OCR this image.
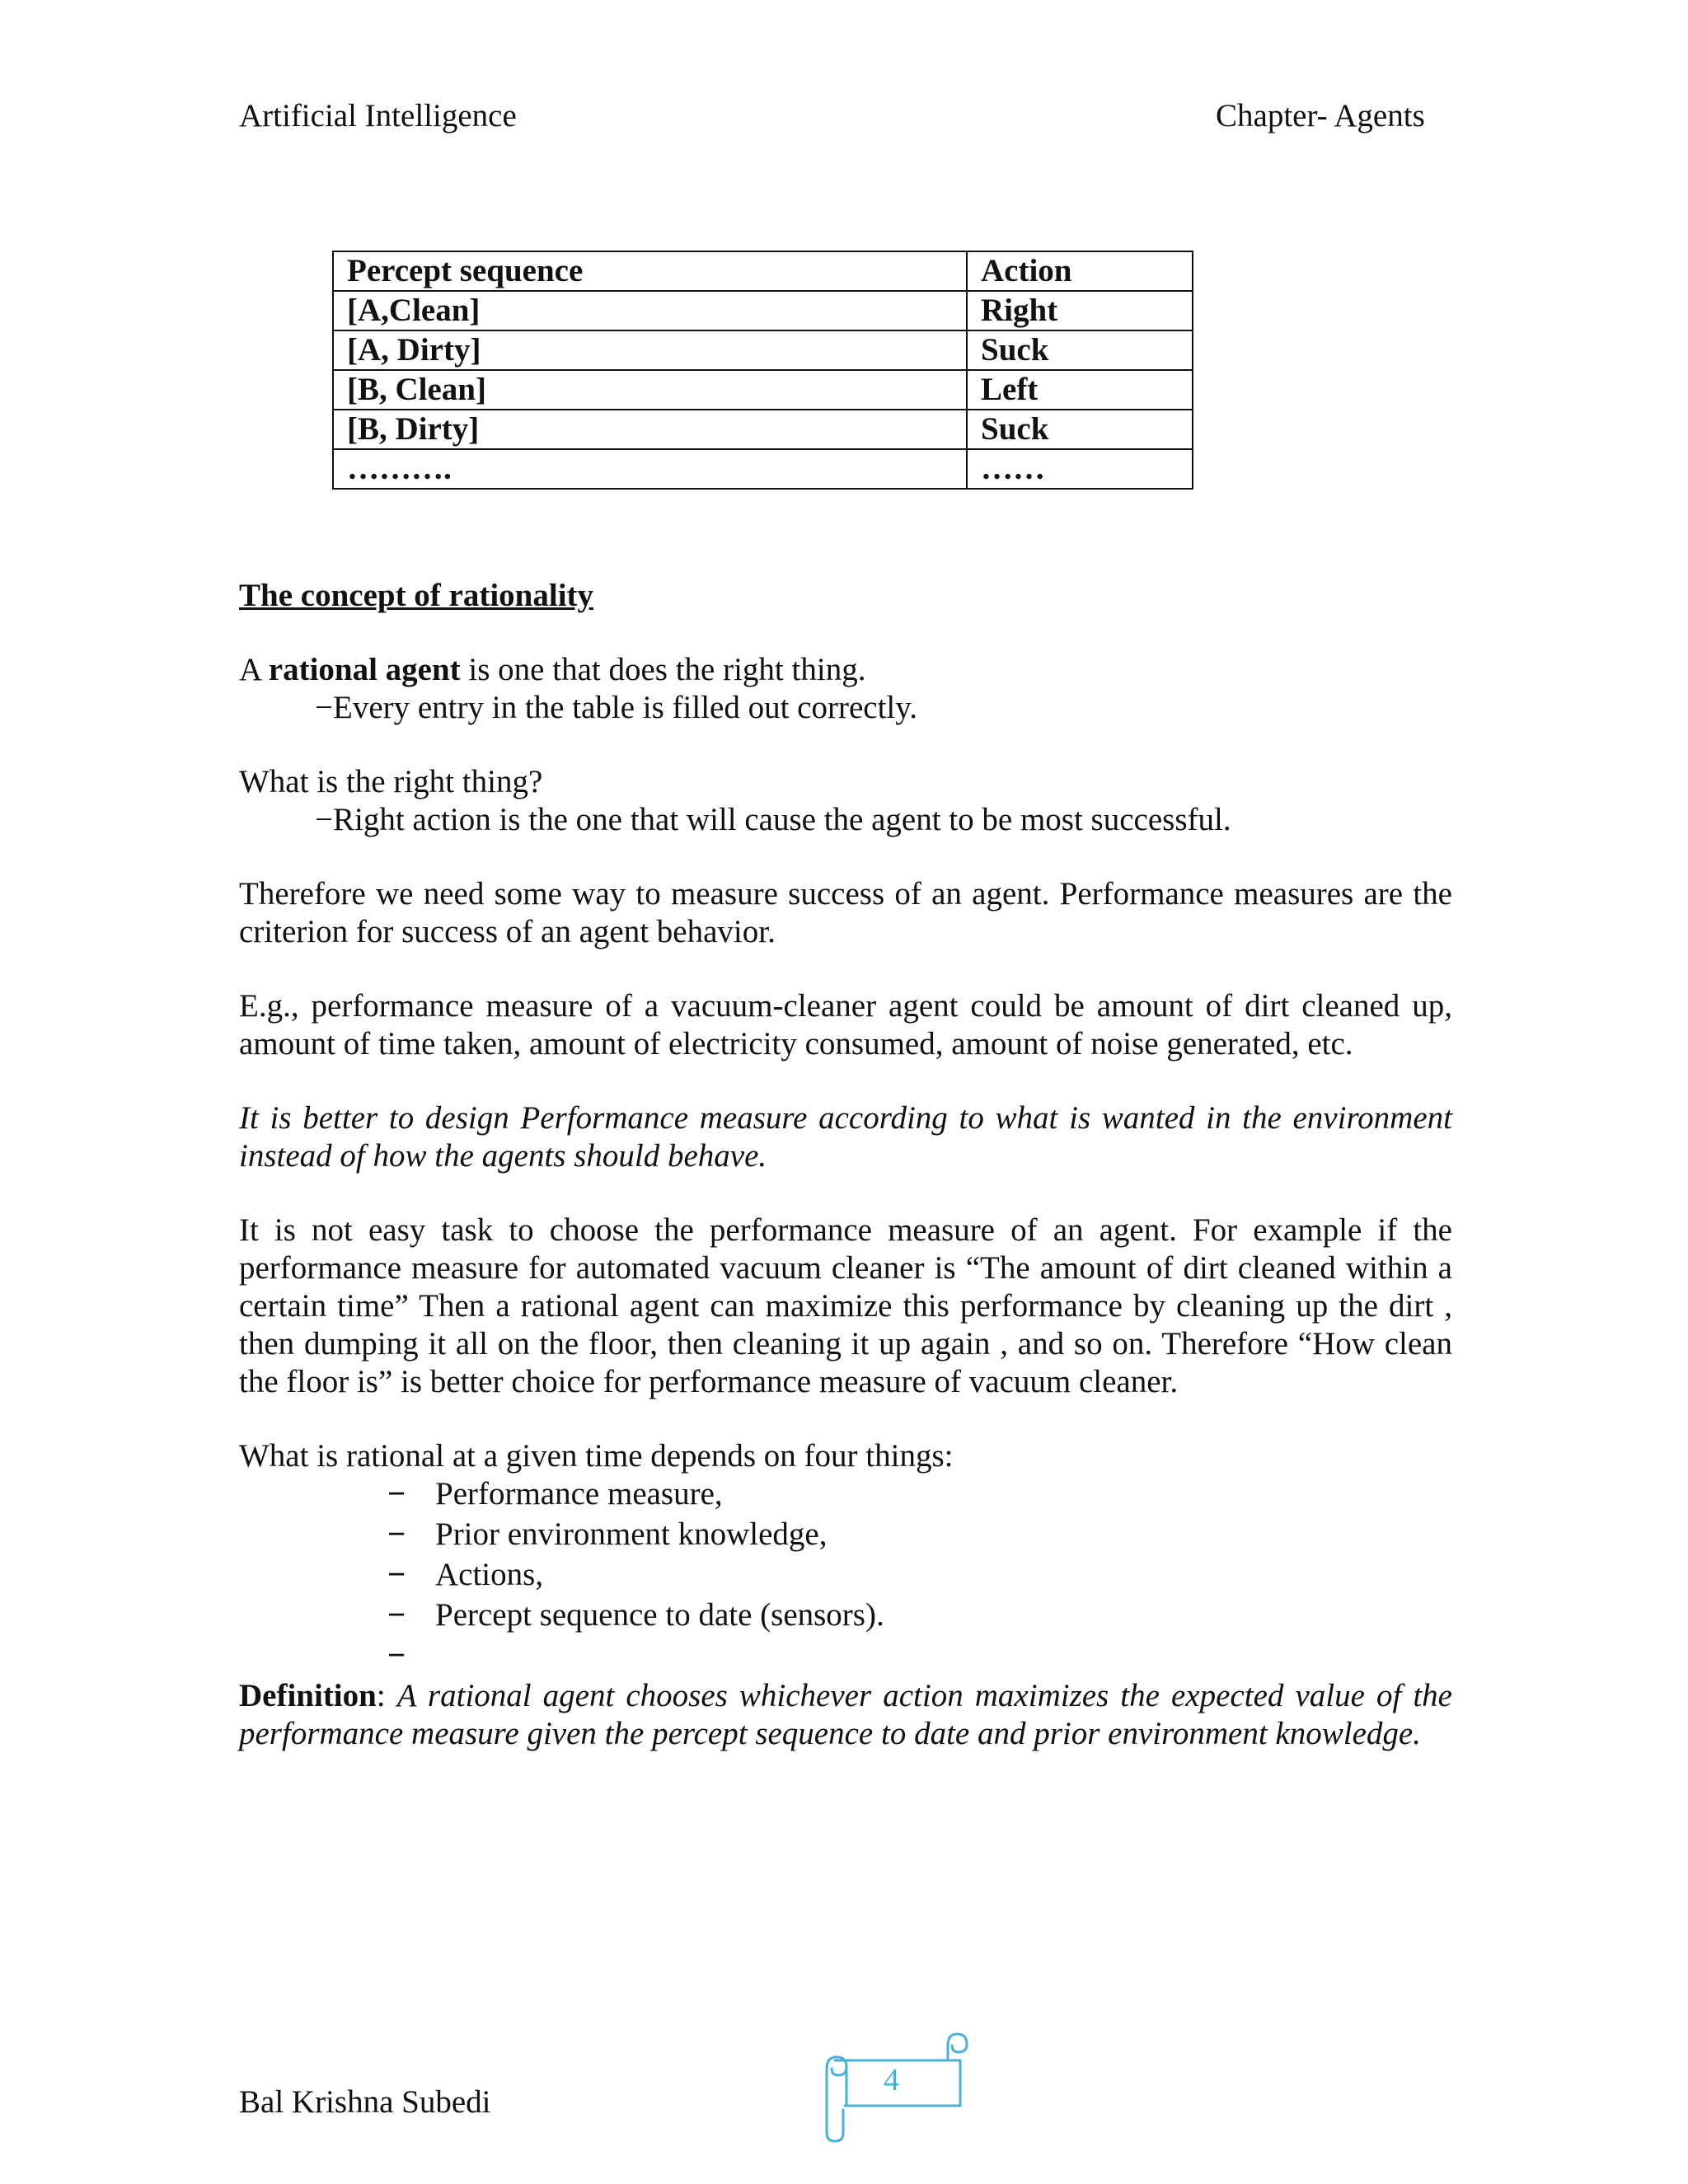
Artificial Intelligence	Chapter- Agents
Percept sequence	Action
[A,Clean]	Right
[A, Dirty]	Suck
[B, Clean]	Left
[B, Dirty]	Suck
……….	……
The concept of rationality

A rational agent is one that does the right thing.

−Every entry in the table is filled out correctly.

What is the right thing?

−Right action is the one that will cause the agent to be most successful.

Therefore we need some way to measure success of an agent. Performance measures are the criterion for success of an agent behavior.

E.g., performance measure of a vacuum-cleaner agent could be amount of dirt cleaned up, amount of time taken, amount of electricity consumed, amount of noise generated, etc.

It is better to design Performance measure according to what is wanted in the environment instead of how the agents should behave.

It is not easy task to choose the performance measure of an agent. For example if the performance measure for automated vacuum cleaner is “The amount of dirt cleaned within a certain time” Then a rational agent can maximize this performance by cleaning up the dirt , then dumping it all on the floor, then cleaning it up again , and so on. Therefore “How clean the floor is” is better choice for performance measure of vacuum cleaner.

What is rational at a given time depends on four things:

− Performance measure,
− Prior environment knowledge,
− Actions,
− Percept sequence to date (sensors).
−

Definition: A rational agent chooses whichever action maximizes the expected value of the performance measure given the percept sequence to date and prior environment knowledge.

Bal Krishna Subedi
4
